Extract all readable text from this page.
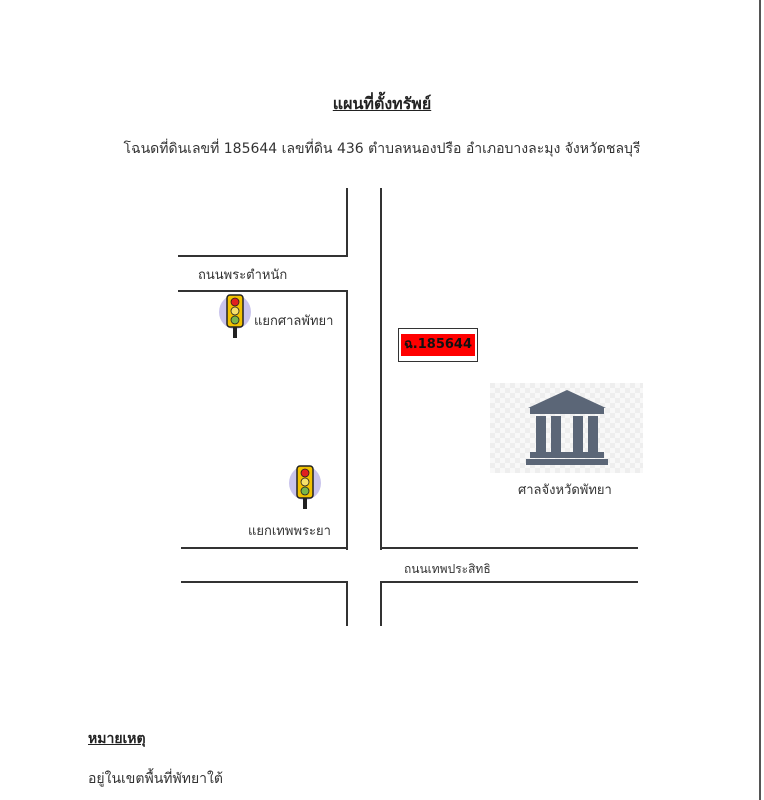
แผนที่ตั้งทรัพย์
โฉนดที่ดินเลขที่ 185644 เลขที่ดิน 436 ตำบลหนองปรือ อำเภอบางละมุง จังหวัดชลบุรี
ถนนพระตำหนัก
ถนนเทพประสิทธิ
แยกศาลพัทยา
แยกเทพพระยา
ฉ.185644
ศาลจังหวัดพัทยา
หมายเหตุ
อยู่ในเขตพื้นที่พัทยาใต้
